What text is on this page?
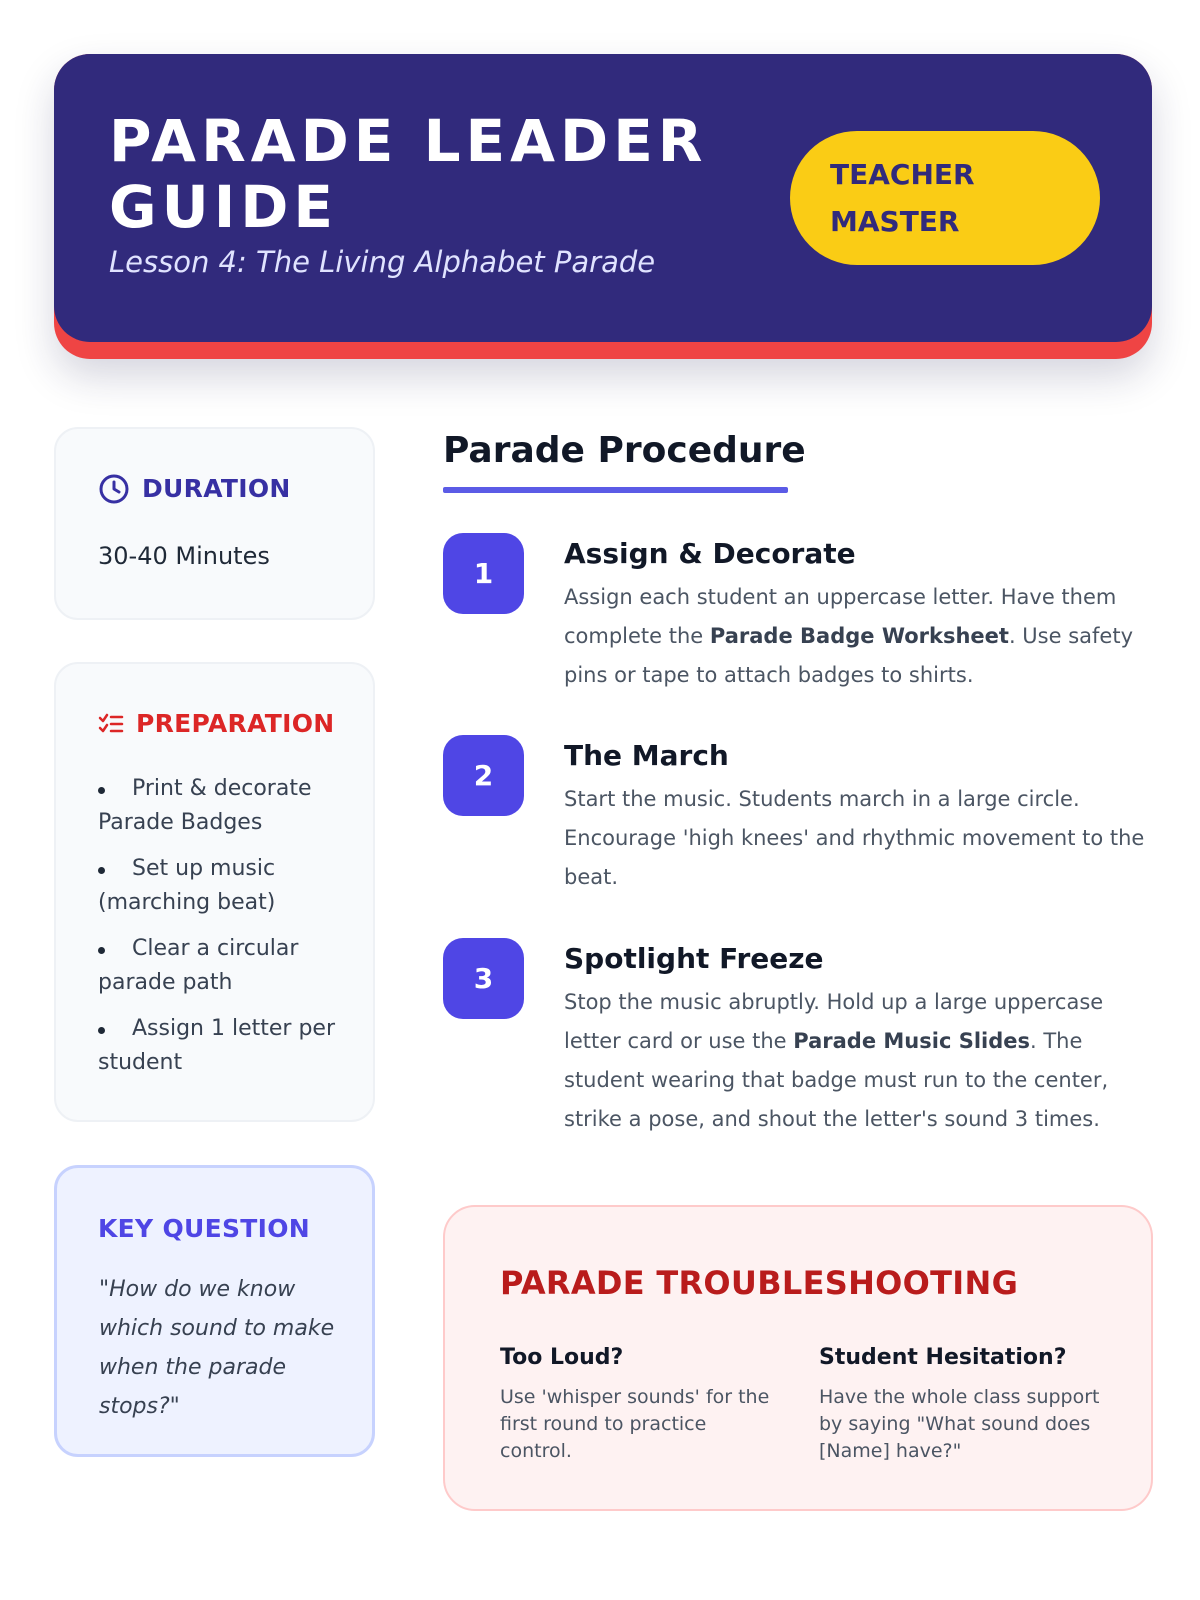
PARADE LEADER GUIDE
Lesson 4: The Living Alphabet Parade
TEACHER
MASTER
DURATION
30-40 Minutes
PREPARATION
Print & decorate Parade Badges
Set up music (marching beat)
Clear a circular parade path
Assign 1 letter per student
KEY QUESTION
"How do we know which sound to make when the parade stops?"
Parade Procedure
1
Assign & Decorate
Assign each student an uppercase letter. Have them complete the Parade Badge Worksheet. Use safety pins or tape to attach badges to shirts.
2
The March
Start the music. Students march in a large circle. Encourage 'high knees' and rhythmic movement to the beat.
3
Spotlight Freeze
Stop the music abruptly. Hold up a large uppercase letter card or use the Parade Music Slides. The student wearing that badge must run to the center, strike a pose, and shout the letter's sound 3 times.
PARADE TROUBLESHOOTING
Too Loud?
Use 'whisper sounds' for the first round to practice control.
Student Hesitation?
Have the whole class support by saying "What sound does [Name] have?"
